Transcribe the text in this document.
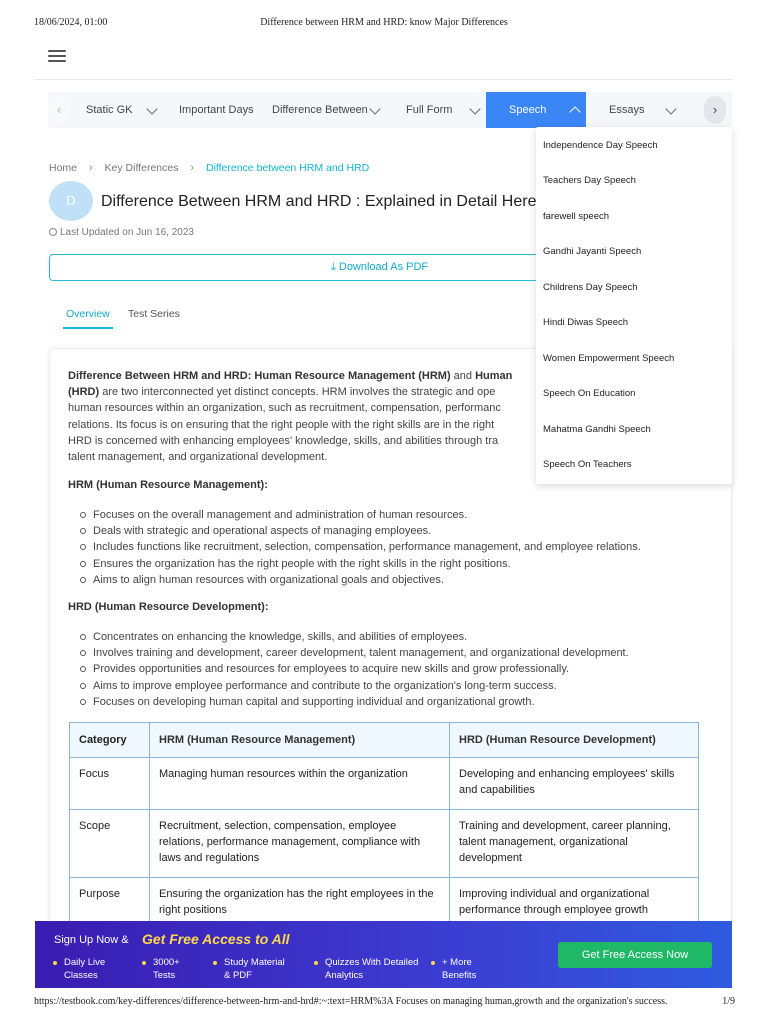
18/06/2024, 01:00	Difference between HRM and HRD: know Major Differences
‹	Static GK	Important Days	Difference Between	Full Form	Speech	Essays	›
Home › Key Differences › Difference between HRM and HRD
D	Difference Between HRM and HRD : Explained in Detail Here
Last Updated on Jun 16, 2023
⤓ Download As PDF
Overview Test Series
Difference Between HRM and HRD: Human Resource Management (HRM) and Human
(HRD) are two interconnected yet distinct concepts. HRM involves the strategic and ope
human resources within an organization, such as recruitment, compensation, performanc
relations. Its focus is on ensuring that the right people with the right skills are in the right
HRD is concerned with enhancing employees' knowledge, skills, and abilities through tra
talent management, and organizational development.
HRM (Human Resource Management):
Focuses on the overall management and administration of human resources.
Deals with strategic and operational aspects of managing employees.
Includes functions like recruitment, selection, compensation, performance management, and employee relations.
Ensures the organization has the right people with the right skills in the right positions.
Aims to align human resources with organizational goals and objectives.
HRD (Human Resource Development):
Concentrates on enhancing the knowledge, skills, and abilities of employees.
Involves training and development, career development, talent management, and organizational development.
Provides opportunities and resources for employees to acquire new skills and grow professionally.
Aims to improve employee performance and contribute to the organization's long-term success.
Focuses on developing human capital and supporting individual and organizational growth.
Category	HRM (Human Resource Management)	HRD (Human Resource Development)
Focus	Managing human resources within the organization	Developing and enhancing employees' skills and capabilities
Scope	Recruitment, selection, compensation, employee relations, performance management, compliance with laws and regulations	Training and development, career planning, talent management, organizational development
Purpose	Ensuring the organization has the right employees in the right positions	Improving individual and organizational performance through employee growth
Independence Day Speech
Teachers Day Speech
farewell speech
Gandhi Jayanti Speech
Childrens Day Speech
Hindi Diwas Speech
Women Empowerment Speech
Speech On Education
Mahatma Gandhi Speech
Speech On Teachers
Sign Up Now & Get Free Access to All
Daily Live
Classes
3000+
Tests
Study Material
& PDF
Quizzes With Detailed
Analytics
+ More
Benefits
Get Free Access Now
https://testbook.com/key-differences/difference-between-hrm-and-hrd#:~:text=HRM%3A Focuses on managing human,growth and the organization's success.	1/9
